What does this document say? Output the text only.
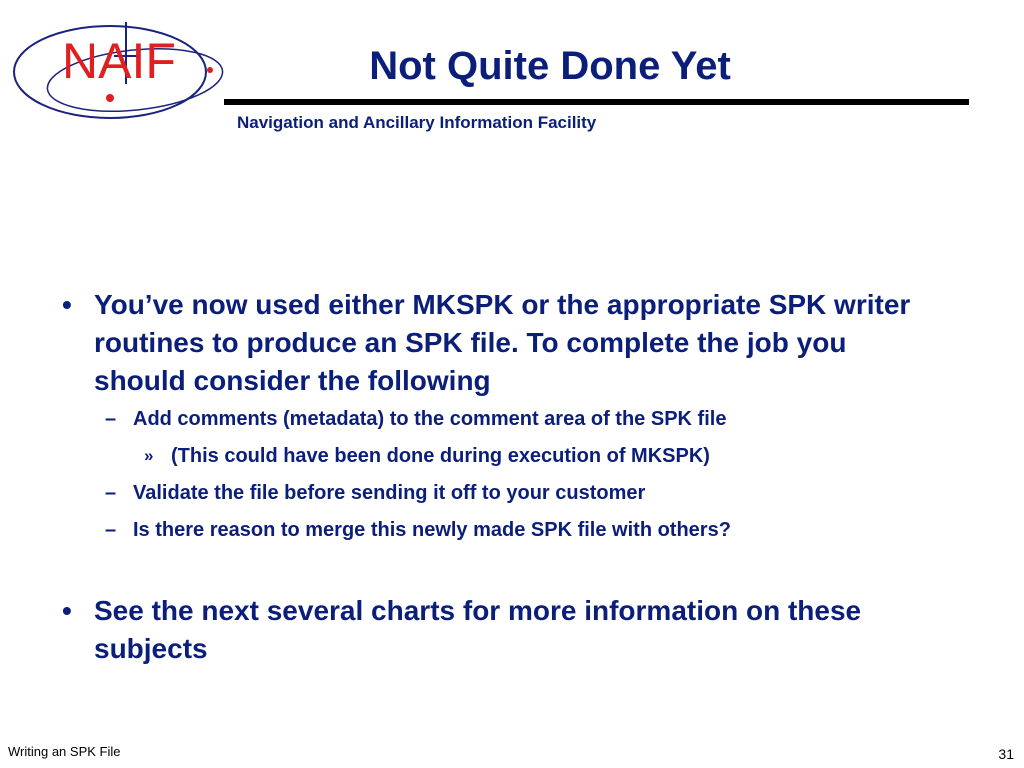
NAIF	Not Quite Done Yet
Navigation and Ancillary Information Facility
• You’ve now used either MKSPK or the appropriate SPK writer routines to produce an SPK file. To complete the job you should consider the following
– Add comments (metadata) to the comment area of the SPK file
» (This could have been done during execution of MKSPK)
– Validate the file before sending it off to your customer
– Is there reason to merge this newly made SPK file with others?
• See the next several charts for more information on these subjects
Writing an SPK File	31
